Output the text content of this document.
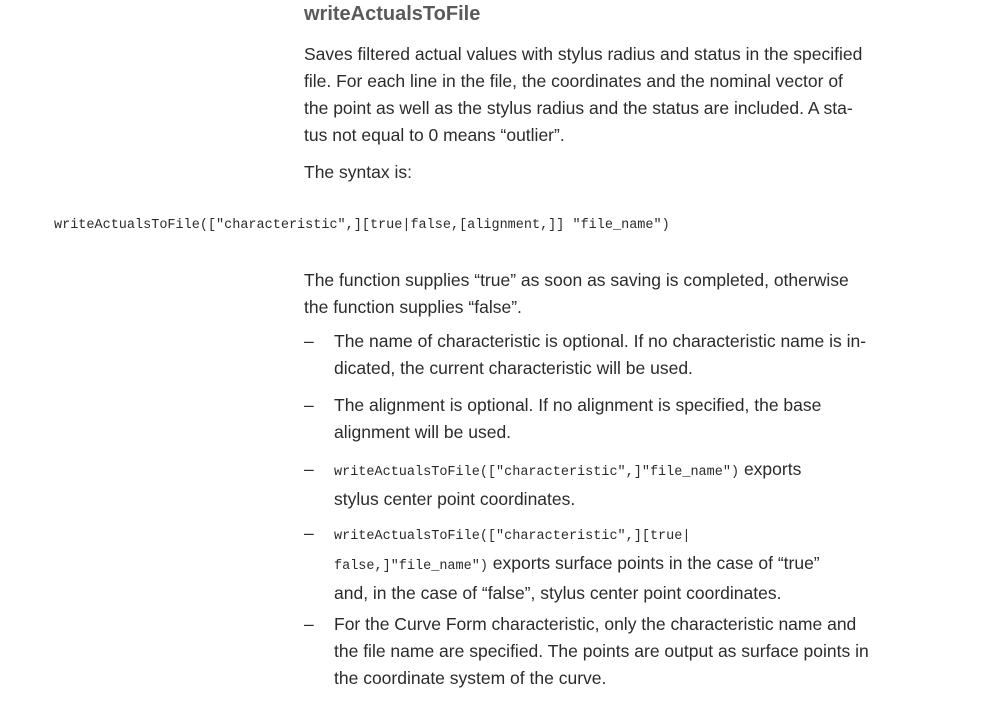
writeActualsToFile

Saves filtered actual values with stylus radius and status in the specified
file. For each line in the file, the coordinates and the nominal vector of
the point as well as the stylus radius and the status are included. A sta-
tus not equal to 0 means “outlier”.

The syntax is:

writeActualsToFile(["characteristic",][true|false,[alignment,]] "file_name")

The function supplies “true” as soon as saving is completed, otherwise
the function supplies “false”.

–	The name of characteristic is optional. If no characteristic name is in-
dicated, the current characteristic will be used.
–	The alignment is optional. If no alignment is specified, the base
alignment will be used.
–	writeActualsToFile(["characteristic",]"file_name") exports
stylus center point coordinates.
–	writeActualsToFile(["characteristic",][true|
false,]"file_name") exports surface points in the case of “true”
and, in the case of “false”, stylus center point coordinates.
–	For the Curve Form characteristic, only the characteristic name and
the file name are specified. The points are output as surface points in
the coordinate system of the curve.
